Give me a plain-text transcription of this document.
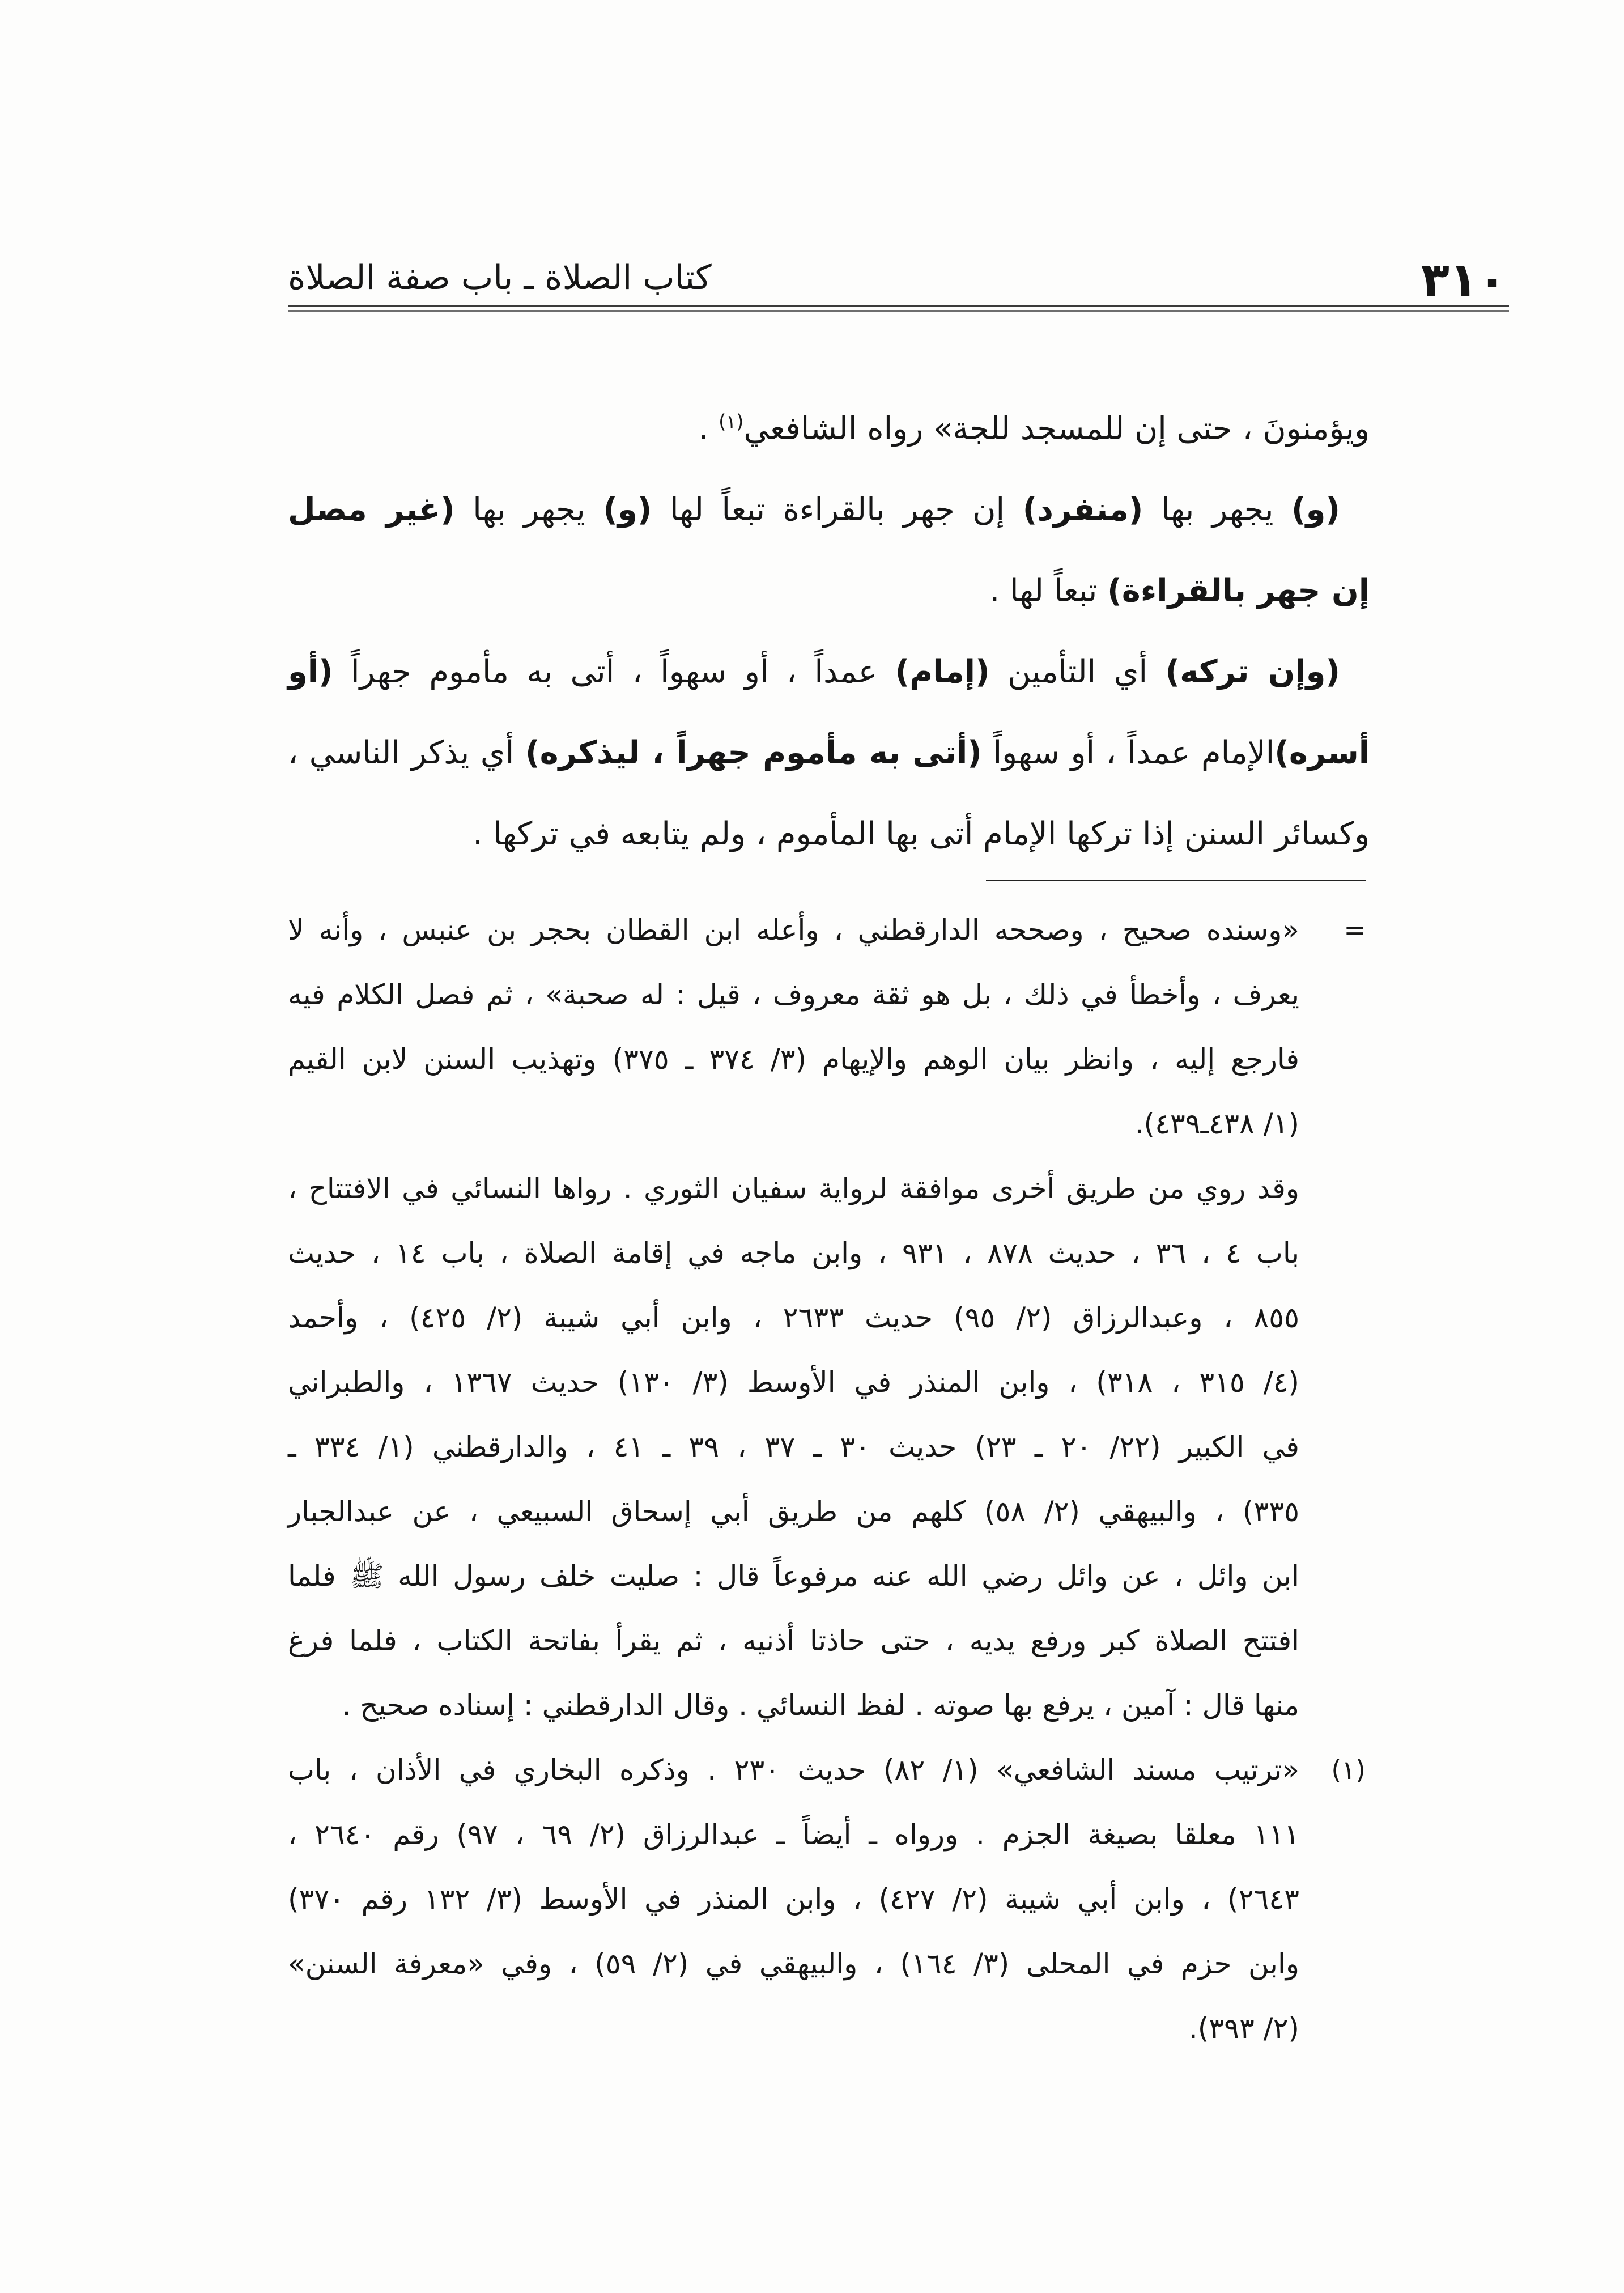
٣١٠
كتاب الصلاة ـ باب صفة الصلاة
ويؤمنونَ ، حتى إن للمسجد للجة» رواه الشافعي$^{(١)}$ .
(و) يجهر بها (منفرد) إن جهر بالقراءة تبعاً لها (و) يجهر بها (غير مصل
إن جهر بالقراءة) تبعاً لها .
(وإن تركه) أي التأمين (إمام) عمداً ، أو سهواً ، أتى به مأموم جهراً (أو
أسره)الإمام عمداً ، أو سهواً (أتى به مأموم جهراً ، ليذكره) أي يذكر الناسي ،
وكسائر السنن إذا تركها الإمام أتى بها المأموم ، ولم يتابعه في تركها .
=
«وسنده صحيح ، وصححه الدارقطني ، وأعله ابن القطان بحجر بن عنبس ، وأنه لا
يعرف ، وأخطأ في ذلك ، بل هو ثقة معروف ، قيل : له صحبة» ، ثم فصل الكلام فيه
فارجع إليه ، وانظر بيان الوهم والإيهام (٣/ ٣٧٤ ـ ٣٧٥) وتهذيب السنن لابن القيم
(١/ ٤٣٨ـ٤٣٩).
وقد روي من طريق أخرى موافقة لرواية سفيان الثوري . رواها النسائي في الافتتاح ،
باب ٤ ، ٣٦ ، حديث ٨٧٨ ، ٩٣١ ، وابن ماجه في إقامة الصلاة ، باب ١٤ ، حديث
٨٥٥ ، وعبدالرزاق (٢/ ٩٥) حديث ٢٦٣٣ ، وابن أبي شيبة (٢/ ٤٢٥) ، وأحمد
(٤/ ٣١٥ ، ٣١٨) ، وابن المنذر في الأوسط (٣/ ١٣٠) حديث ١٣٦٧ ، والطبراني
في الكبير (٢٢/ ٢٠ ـ ٢٣) حديث ٣٠ ـ ٣٧ ، ٣٩ ـ ٤١ ، والدارقطني (١/ ٣٣٤ ـ
٣٣٥) ، والبيهقي (٢/ ٥٨) كلهم من طريق أبي إسحاق السبيعي ، عن عبدالجبار
ابن وائل ، عن وائل رضي الله عنه مرفوعاً قال : صليت خلف رسول الله ﷺ فلما
افتتح الصلاة كبر ورفع يديه ، حتى حاذتا أذنيه ، ثم يقرأ بفاتحة الكتاب ، فلما فرغ
منها قال : آمين ، يرفع بها صوته . لفظ النسائي . وقال الدارقطني : إسناده صحيح .
(١)
«ترتيب مسند الشافعي» (١/ ٨٢) حديث ٢٣٠ . وذكره البخاري في الأذان ، باب
١١١ معلقا بصيغة الجزم . ورواه ـ أيضاً ـ عبدالرزاق (٢/ ٦٩ ، ٩٧) رقم ٢٦٤٠ ،
٢٦٤٣) ، وابن أبي شيبة (٢/ ٤٢٧) ، وابن المنذر في الأوسط (٣/ ١٣٢ رقم ٣٧٠)
وابن حزم في المحلى (٣/ ١٦٤) ، والبيهقي في (٢/ ٥٩) ، وفي «معرفة السنن»
(٢/ ٣٩٣).
